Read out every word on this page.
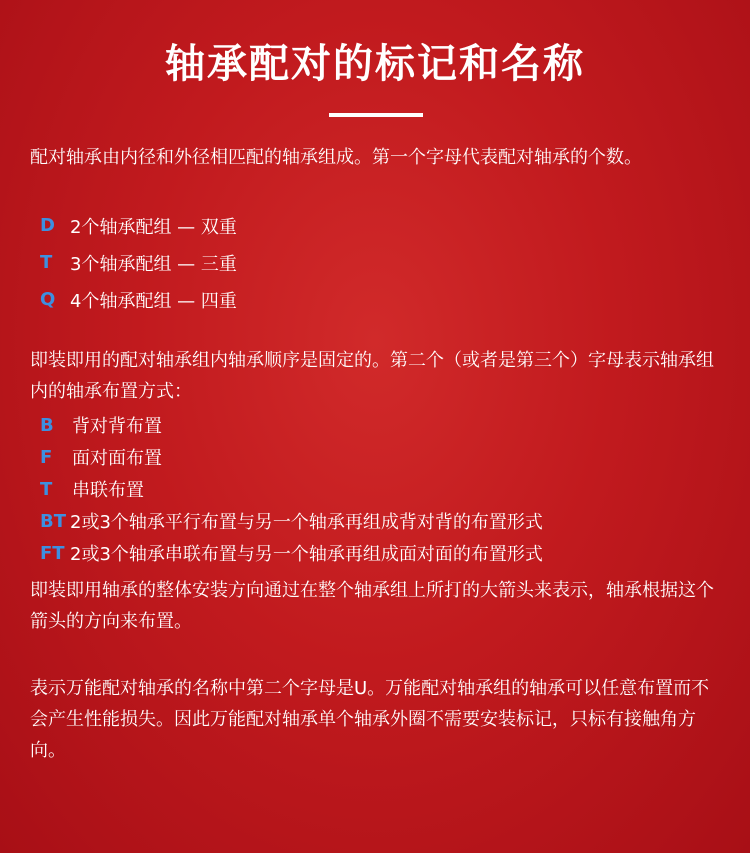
轴承配对的标记和名称

配对轴承由内径和外径相匹配的轴承组成。第一个字母代表配对轴承的个数。

D 2个轴承配组 — 双重
T 3个轴承配组 — 三重
Q 4个轴承配组 — 四重

即装即用的配对轴承组内轴承顺序是固定的。第二个（或者是第三个）字母表示轴承组内的轴承布置方式：

B	背对背布置
F	面对面布置
T	串联布置
BT 2或3个轴承平行布置与另一个轴承再组成背对背的布置形式
FT 2或3个轴承串联布置与另一个轴承再组成面对面的布置形式

即装即用轴承的整体安装方向通过在整个轴承组上所打的大箭头来表示，轴承根据这个箭头的方向来布置。

表示万能配对轴承的名称中第二个字母是U。万能配对轴承组的轴承可以任意布置而不会产生性能损失。因此万能配对轴承单个轴承外圈不需要安装标记，只标有接触角方向。
